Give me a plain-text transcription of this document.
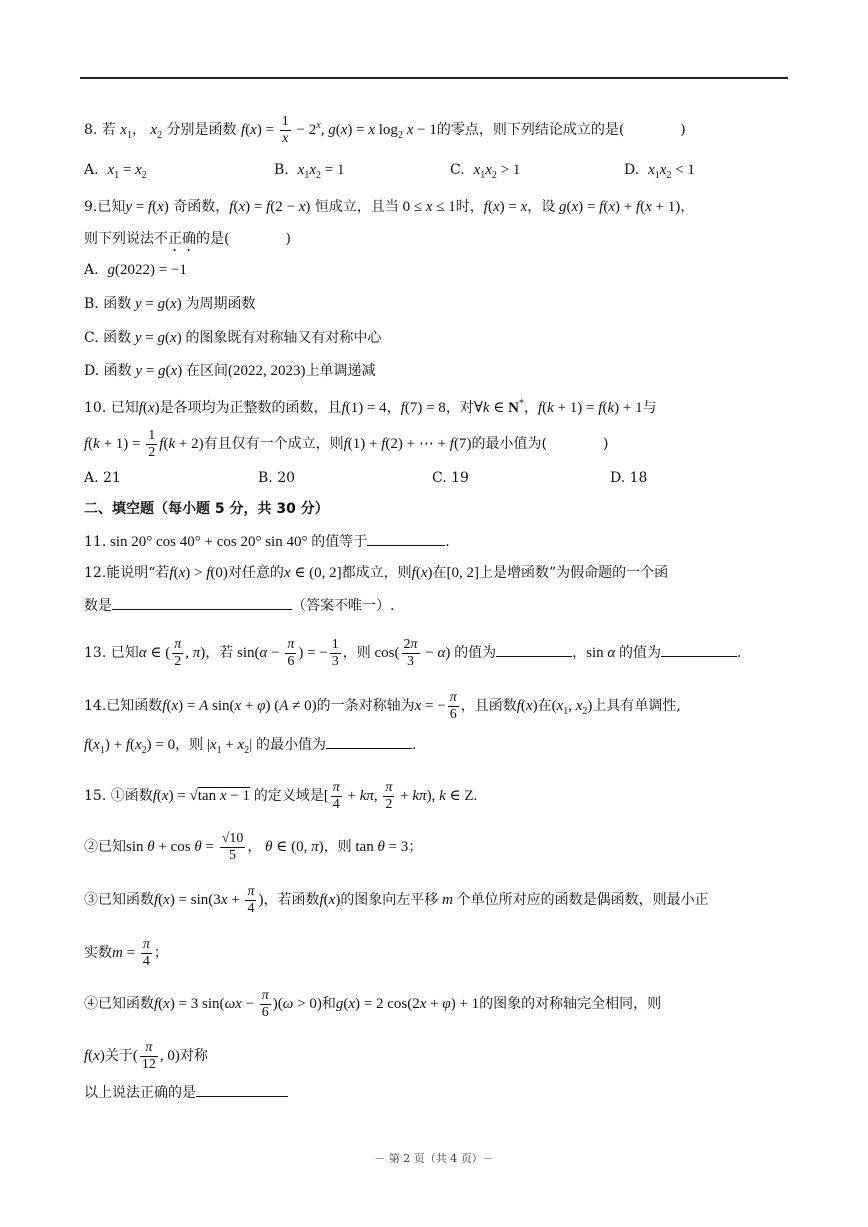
8. 若 $x_1$， $x_2$ 分别是函数 $f(x) = \frac{1}{x} - 2^x$, g(x) = x $\log_2 x - 1$的零点，则下列结论成立的是(	)
A. $x_1 = x_2$	B. $x_1x_2 = 1$	C. $x_1x_2 > 1$	D. $x_1x_2 < 1$
9.已知y = f(x) 奇函数，f(x) = f(2 − x) 恒成立，且当 0 ≤ x ≤ 1时，f(x) = x，设 g(x) = f(x) + f(x + 1)，
则下列说法不正确的是(	)
A. g(2022) = −1
B. 函数 y = g(x) 为周期函数
C. 函数 y = g(x) 的图象既有对称轴又有对称中心
D. 函数 y = g(x) 在区间(2022, 2023)上单调递减
10. 已知f(x)是各项均为正整数的函数，且f(1) = 4，f(7) = 8，对∀k ∈ N*，f(k + 1) = f(k) + 1与
$f(k + 1) = \frac{1}{2} f(k + 2)$有且仅有一个成立，则f(1) + f(2) + ⋯ + f(7)的最小值为(	)
A. 21	B. 20	C. 19	D. 18
二、填空题（每小题 5 分，共 30 分）
11. sin 20° cos 40° + cos 20° sin 40° 的值等于	.
12.能说明“若f(x) > f(0)对任意的x ∈ (0, 2]都成立，则f(x)在[0, 2]上是增函数”为假命题的一个函
数是	（答案不唯一）.
13. 已知α ∈ ( $\frac{\pi}{2}$ , π)，若 $\sin(\alpha - \frac{\pi}{6}$ ) = − $\frac{1}{3}$ ，则 $\cos( \frac{2\pi}{3} - \alpha)$ 的值为	，sin α 的值为	.
14.已知函数f(x) = A sin(x + φ) (A ≠ 0)的一条对称轴为x = − $\frac{\pi}{6}$ ，且函数f(x)在($x_1$, $x_2$)上具有单调性,
$f(x_1) + f(x_2) = 0$，则 $|x_1 + x_2|$ 的最小值为	.
15. ①函数f(x) = √tan x − 1 的定义域是[ $\frac{\pi}{4} + k\pi$, $\frac{\pi}{2} + k\pi$), k ∈ Z.
②已知$\sin \theta + \cos \theta = \frac{√10}{5}$ ， θ ∈ (0, π)，则 tan θ = 3；
③已知函数$f(x) = \sin(3x + \frac{\pi}{4}$ )，若函数f(x)的图象向左平移 m 个单位所对应的函数是偶函数，则最小正
实数$m = \frac{\pi}{4}$ ；
④已知函数f(x) = 3 $\sin(\omega x - \frac{\pi}{6} )(\omega > 0)$和g(x) = 2 cos(2x + φ) + 1的图象的对称轴完全相同，则
f(x)关于( $\frac{\pi}{12}$ , 0)对称
以上说法正确的是
－ 第 2 页（共 4 页）－
